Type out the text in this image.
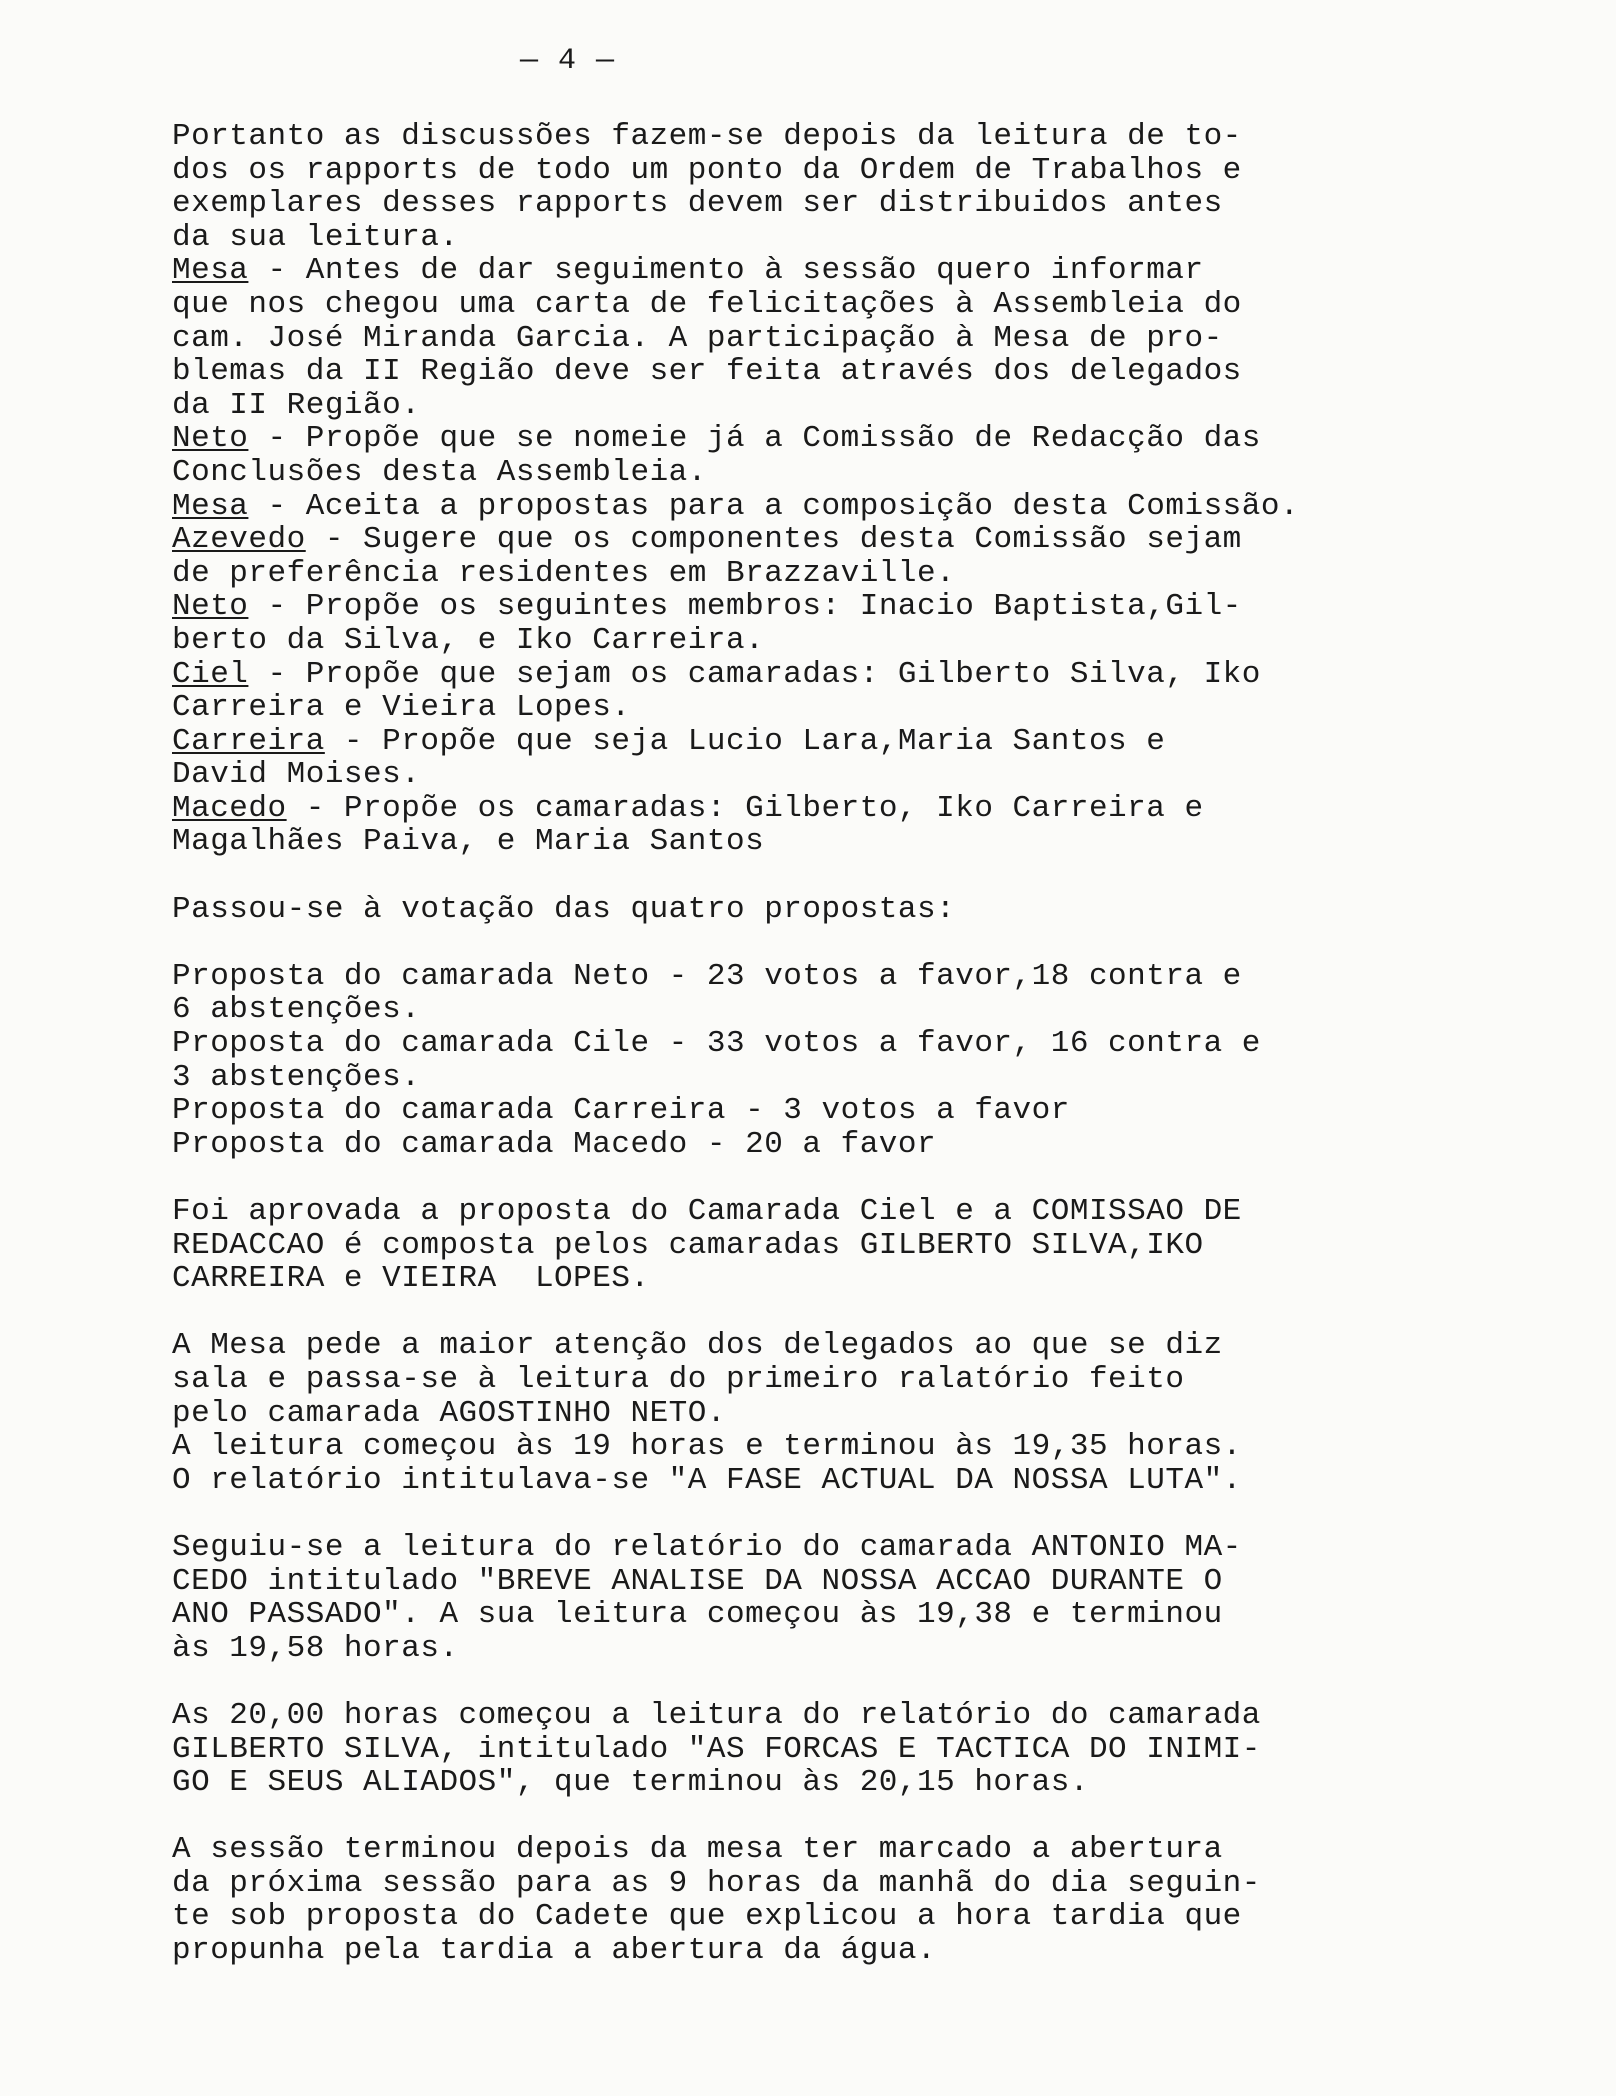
— 4 —
Portanto as discussões fazem-se depois da leitura de to-
dos os rapports de todo um ponto da Ordem de Trabalhos e
exemplares desses rapports devem ser distribuidos antes
da sua leitura.
Mesa - Antes de dar seguimento à sessão quero informar
que nos chegou uma carta de felicitações à Assembleia do
cam. José Miranda Garcia. A participação à Mesa de pro-
blemas da II Região deve ser feita através dos delegados
da II Região.
Neto - Propõe que se nomeie já a Comissão de Redacção das
Conclusões desta Assembleia.
Mesa - Aceita a propostas para a composição desta Comissão.
Azevedo - Sugere que os componentes desta Comissão sejam
de preferência residentes em Brazzaville.
Neto - Propõe os seguintes membros: Inacio Baptista,Gil-
berto da Silva, e Iko Carreira.
Ciel - Propõe que sejam os camaradas: Gilberto Silva, Iko
Carreira e Vieira Lopes.
Carreira - Propõe que seja Lucio Lara,Maria Santos e
David Moises.
Macedo - Propõe os camaradas: Gilberto, Iko Carreira e
Magalhães Paiva, e Maria Santos
Passou-se à votação das quatro propostas:
Proposta do camarada Neto - 23 votos a favor,18 contra e
6 abstenções.
Proposta do camarada Cile - 33 votos a favor, 16 contra e
3 abstenções.
Proposta do camarada Carreira - 3 votos a favor
Proposta do camarada Macedo - 20 a favor
Foi aprovada a proposta do Camarada Ciel e a COMISSAO DE
REDACCAO é composta pelos camaradas GILBERTO SILVA,IKO
CARREIRA e VIEIRA  LOPES.
A Mesa pede a maior atenção dos delegados ao que se diz
sala e passa-se à leitura do primeiro ralatório feito
pelo camarada AGOSTINHO NETO.
A leitura começou às 19 horas e terminou às 19,35 horas.
O relatório intitulava-se "A FASE ACTUAL DA NOSSA LUTA".
Seguiu-se a leitura do relatório do camarada ANTONIO MA-
CEDO intitulado "BREVE ANALISE DA NOSSA ACCAO DURANTE O
ANO PASSADO". A sua leitura começou às 19,38 e terminou
às 19,58 horas.
As 20,00 horas começou a leitura do relatório do camarada
GILBERTO SILVA, intitulado "AS FORCAS E TACTICA DO INIMI-
GO E SEUS ALIADOS", que terminou às 20,15 horas.
A sessão terminou depois da mesa ter marcado a abertura
da próxima sessão para as 9 horas da manhã do dia seguin-
te sob proposta do Cadete que explicou a hora tardia que
propunha pela tardia a abertura da água.
